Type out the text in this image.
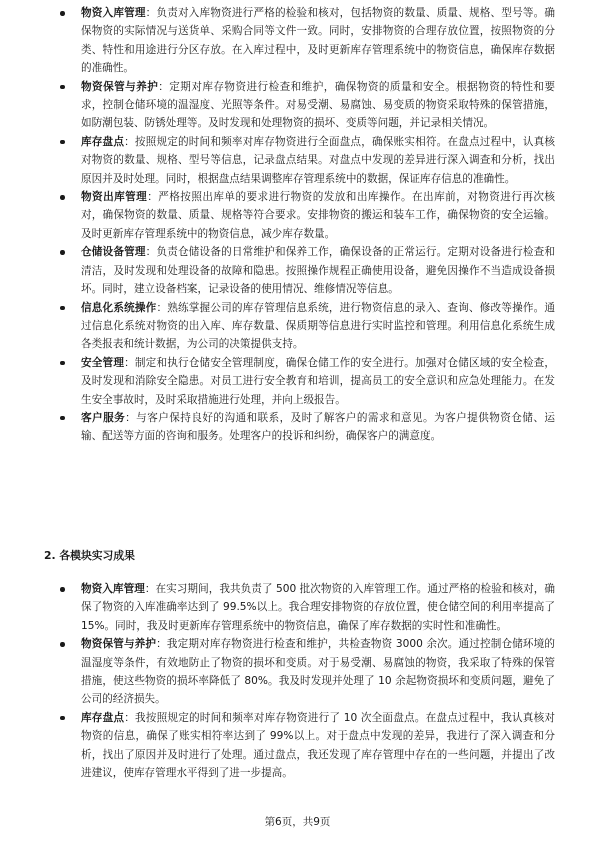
物资入库管理：负责对入库物资进行严格的检验和核对，包括物资的数量、质量、规格、型号等。确保物资的实际情况与送货单、采购合同等文件一致。同时，安排物资的合理存放位置，按照物资的分类、特性和用途进行分区存放。在入库过程中，及时更新库存管理系统中的物资信息，确保库存数据的准确性。
物资保管与养护：定期对库存物资进行检查和维护，确保物资的质量和安全。根据物资的特性和要求，控制仓储环境的温湿度、光照等条件。对易受潮、易腐蚀、易变质的物资采取特殊的保管措施，如防潮包装、防锈处理等。及时发现和处理物资的损坏、变质等问题，并记录相关情况。
库存盘点：按照规定的时间和频率对库存物资进行全面盘点，确保账实相符。在盘点过程中，认真核对物资的数量、规格、型号等信息，记录盘点结果。对盘点中发现的差异进行深入调查和分析，找出原因并及时处理。同时，根据盘点结果调整库存管理系统中的数据，保证库存信息的准确性。
物资出库管理：严格按照出库单的要求进行物资的发放和出库操作。在出库前，对物资进行再次核对，确保物资的数量、质量、规格等符合要求。安排物资的搬运和装车工作，确保物资的安全运输。及时更新库存管理系统中的物资信息，减少库存数量。
仓储设备管理：负责仓储设备的日常维护和保养工作，确保设备的正常运行。定期对设备进行检查和清洁，及时发现和处理设备的故障和隐患。按照操作规程正确使用设备，避免因操作不当造成设备损坏。同时，建立设备档案，记录设备的使用情况、维修情况等信息。
信息化系统操作：熟练掌握公司的库存管理信息系统，进行物资信息的录入、查询、修改等操作。通过信息化系统对物资的出入库、库存数量、保质期等信息进行实时监控和管理。利用信息化系统生成各类报表和统计数据，为公司的决策提供支持。
安全管理：制定和执行仓储安全管理制度，确保仓储工作的安全进行。加强对仓储区域的安全检查，及时发现和消除安全隐患。对员工进行安全教育和培训，提高员工的安全意识和应急处理能力。在发生安全事故时，及时采取措施进行处理，并向上级报告。
客户服务：与客户保持良好的沟通和联系，及时了解客户的需求和意见。为客户提供物资仓储、运输、配送等方面的咨询和服务。处理客户的投诉和纠纷，确保客户的满意度。
2. 各模块实习成果
物资入库管理：在实习期间，我共负责了 500 批次物资的入库管理工作。通过严格的检验和核对，确保了物资的入库准确率达到了 99.5%以上。我合理安排物资的存放位置，使仓储空间的利用率提高了 15%。同时，我及时更新库存管理系统中的物资信息，确保了库存数据的实时性和准确性。
物资保管与养护：我定期对库存物资进行检查和维护，共检查物资 3000 余次。通过控制仓储环境的温湿度等条件，有效地防止了物资的损坏和变质。对于易受潮、易腐蚀的物资，我采取了特殊的保管措施，使这些物资的损坏率降低了 80%。我及时发现并处理了 10 余起物资损坏和变质问题，避免了公司的经济损失。
库存盘点：我按照规定的时间和频率对库存物资进行了 10 次全面盘点。在盘点过程中，我认真核对物资的信息，确保了账实相符率达到了 99%以上。对于盘点中发现的差异，我进行了深入调查和分析，找出了原因并及时进行了处理。通过盘点，我还发现了库存管理中存在的一些问题，并提出了改进建议，使库存管理水平得到了进一步提高。
第6页，共9页
